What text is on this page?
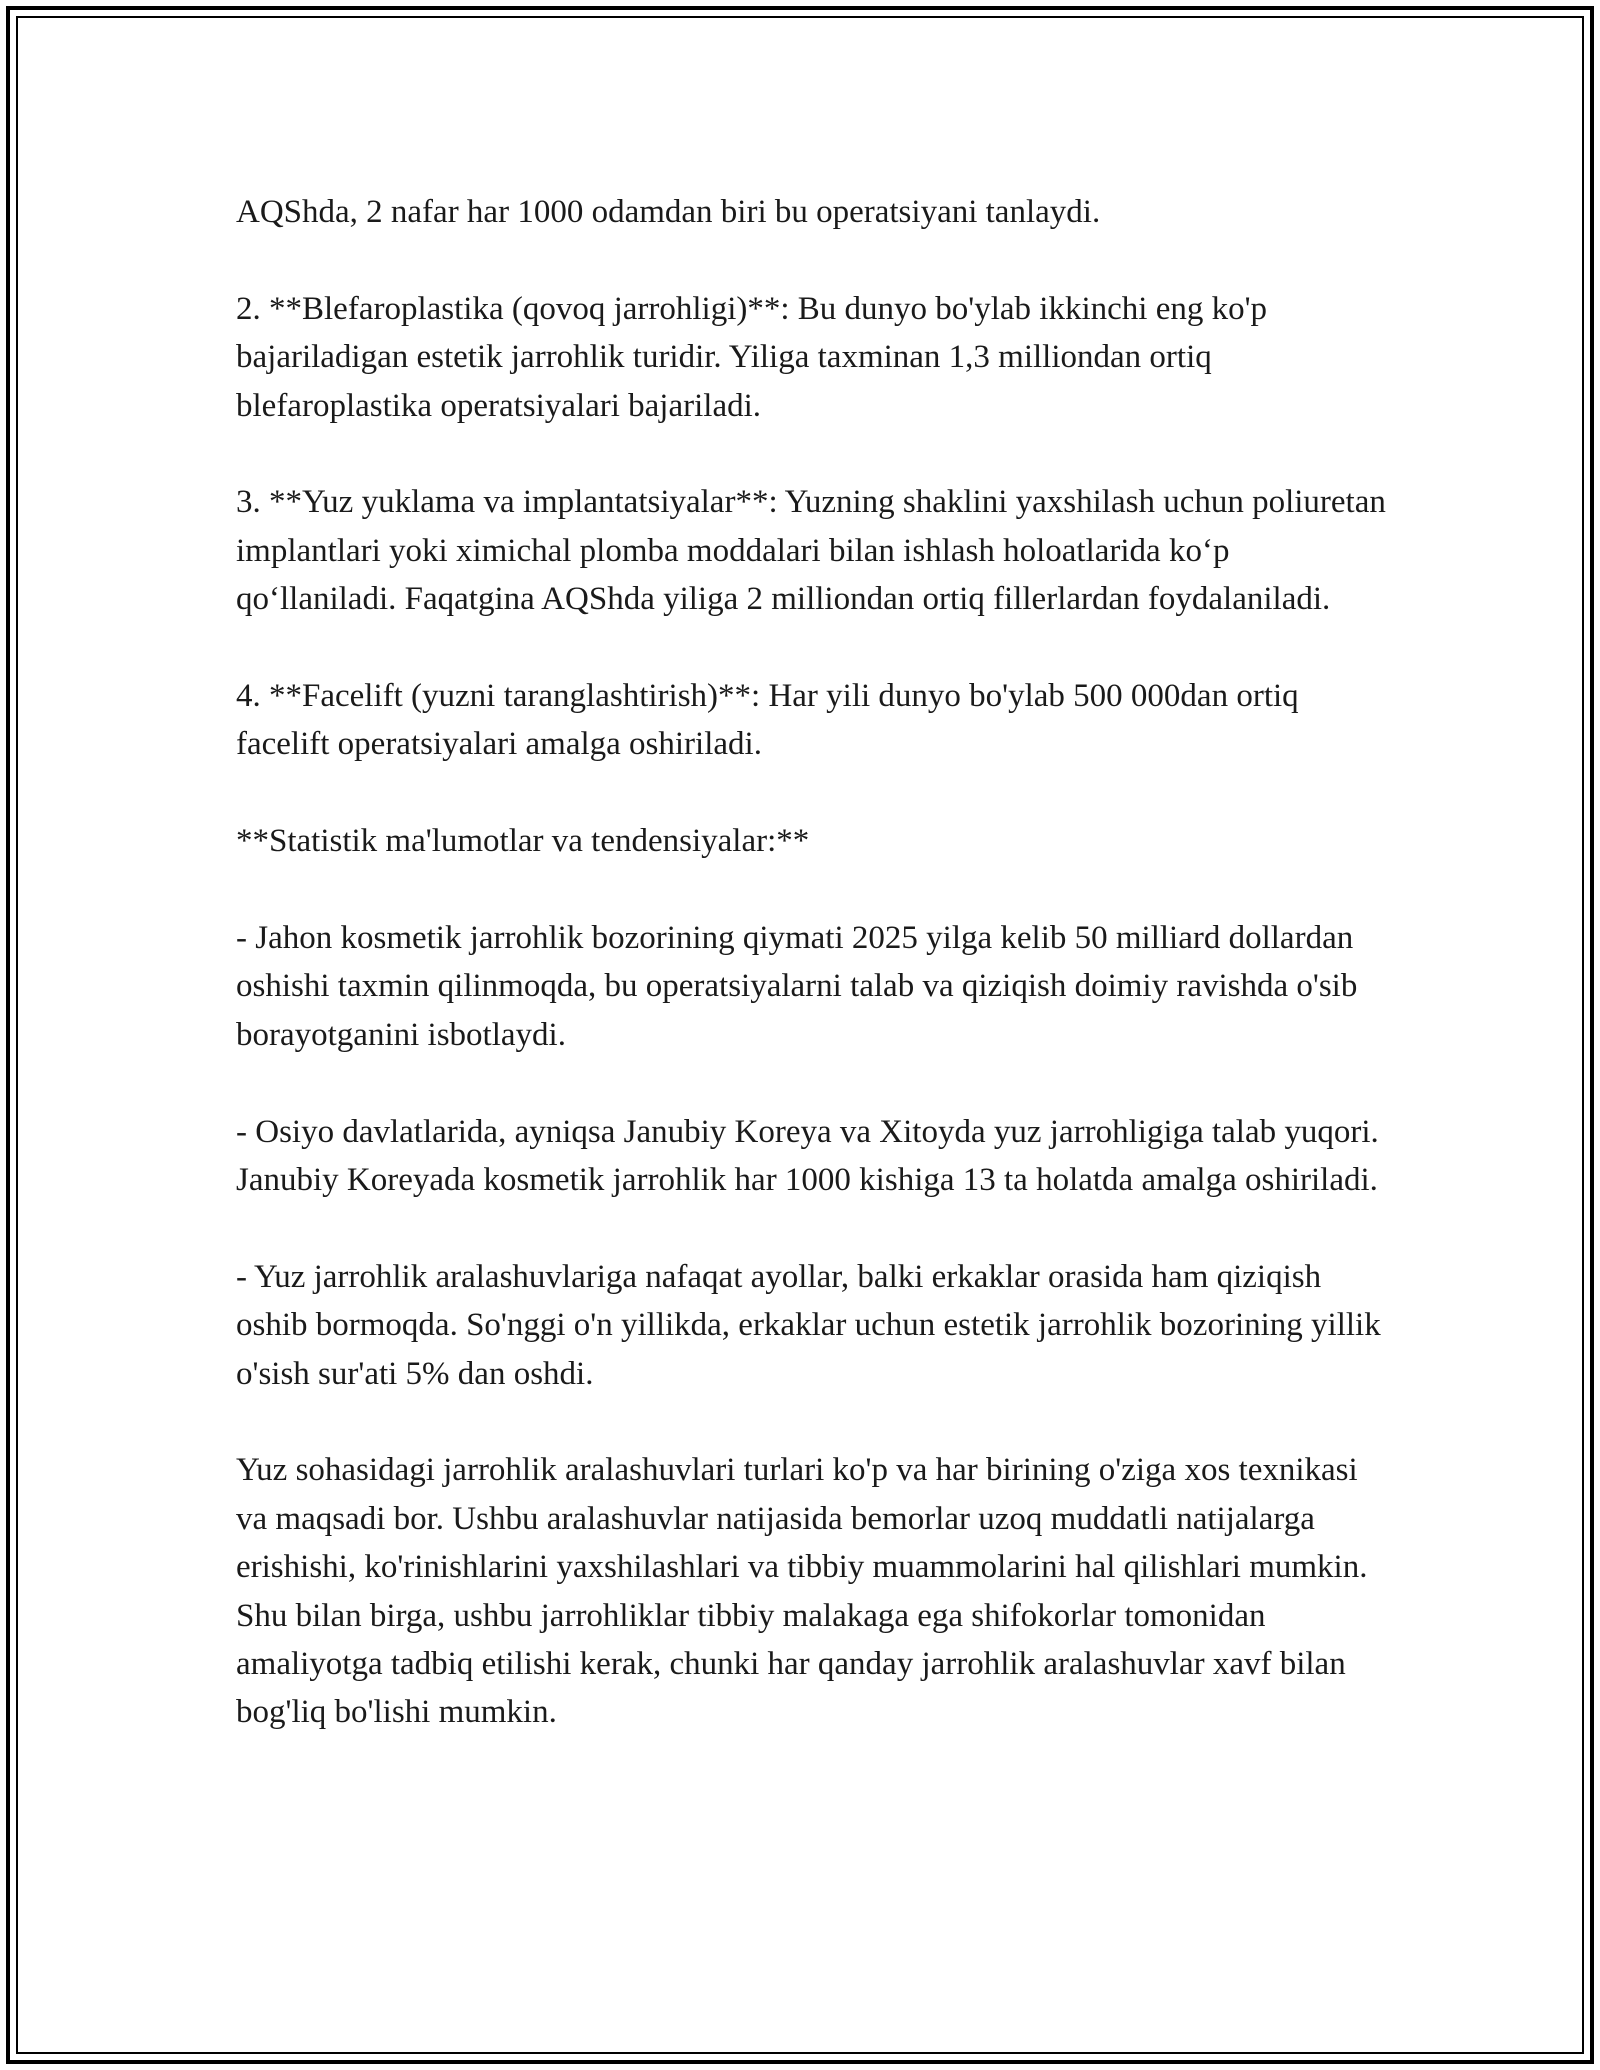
AQShda, 2 nafar har 1000 odamdan biri bu operatsiyani tanlaydi.

2. **Blefaroplastika (qovoq jarrohligi)**: Bu dunyo bo'ylab ikkinchi eng ko'p bajariladigan estetik jarrohlik turidir. Yiliga taxminan 1,3 milliondan ortiq blefaroplastika operatsiyalari bajariladi.

3. **Yuz yuklama va implantatsiyalar**: Yuzning shaklini yaxshilash uchun poliuretan implantlari yoki ximichal plomba moddalari bilan ishlash holoatlarida ko‘p qo‘llaniladi. Faqatgina AQShda yiliga 2 milliondan ortiq fillerlardan foydalaniladi.

4. **Facelift (yuzni taranglashtirish)**: Har yili dunyo bo'ylab 500 000dan ortiq facelift operatsiyalari amalga oshiriladi.

**Statistik ma'lumotlar va tendensiyalar:**

- Jahon kosmetik jarrohlik bozorining qiymati 2025 yilga kelib 50 milliard dollardan oshishi taxmin qilinmoqda, bu operatsiyalarni talab va qiziqish doimiy ravishda o'sib borayotganini isbotlaydi.

- Osiyo davlatlarida, ayniqsa Janubiy Koreya va Xitoyda yuz jarrohligiga talab yuqori. Janubiy Koreyada kosmetik jarrohlik har 1000 kishiga 13 ta holatda amalga oshiriladi.

- Yuz jarrohlik aralashuvlariga nafaqat ayollar, balki erkaklar orasida ham qiziqish oshib bormoqda. So'nggi o'n yillikda, erkaklar uchun estetik jarrohlik bozorining yillik o'sish sur'ati 5% dan oshdi.

Yuz sohasidagi jarrohlik aralashuvlari turlari ko'p va har birining o'ziga xos texnikasi va maqsadi bor. Ushbu aralashuvlar natijasida bemorlar uzoq muddatli natijalarga erishishi, ko'rinishlarini yaxshilashlari va tibbiy muammolarini hal qilishlari mumkin. Shu bilan birga, ushbu jarrohliklar tibbiy malakaga ega shifokorlar tomonidan amaliyotga tadbiq etilishi kerak, chunki har qanday jarrohlik aralashuvlar xavf bilan bog'liq bo'lishi mumkin.
